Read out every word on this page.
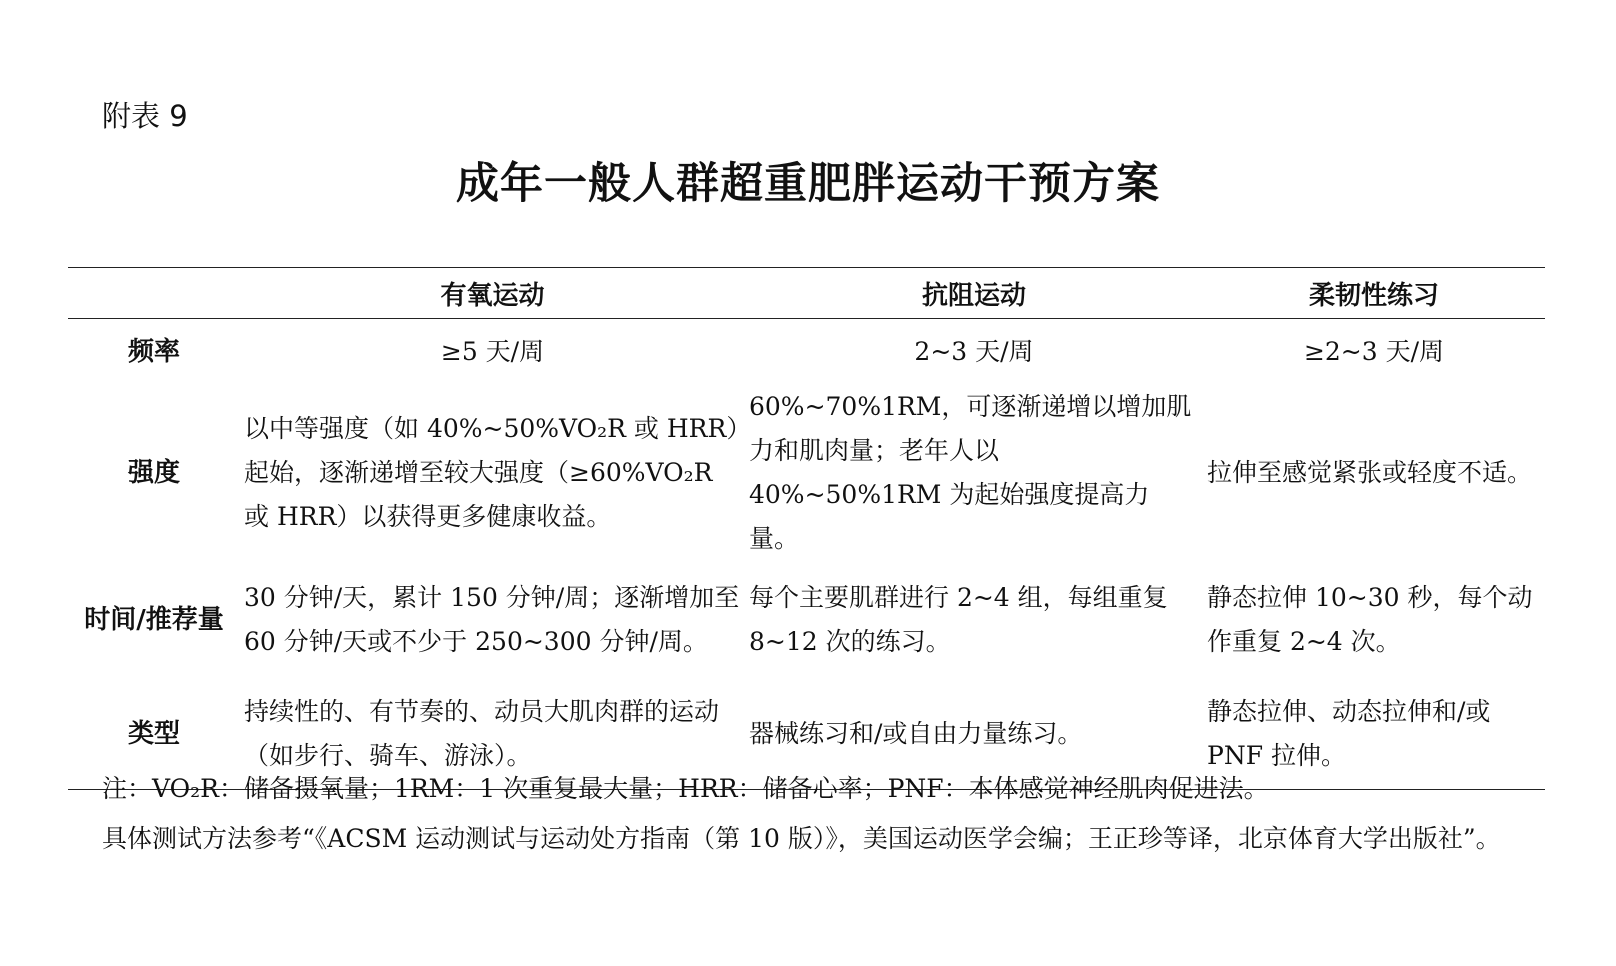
附表 9
成年一般人群超重肥胖运动干预方案
	有氧运动	抗阻运动	柔韧性练习
频率	≥5 天/周	2~3 天/周	≥2~3 天/周
强度	以中等强度（如 40%~50%VO₂R 或 HRR）起始，逐渐递增至较大强度（≥60%VO₂R 或 HRR）以获得更多健康收益。	60%~70%1RM，可逐渐递增以增加肌力和肌肉量；老年人以 40%~50%1RM 为起始强度提高力量。	拉伸至感觉紧张或轻度不适。
时间/推荐量	30 分钟/天，累计 150 分钟/周；逐渐增加至 60 分钟/天或不少于 250~300 分钟/周。	每个主要肌群进行 2~4 组，每组重复 8~12 次的练习。	静态拉伸 10~30 秒，每个动作重复 2~4 次。
类型	持续性的、有节奏的、动员大肌肉群的运动（如步行、骑车、游泳）。	器械练习和/或自由力量练习。	静态拉伸、动态拉伸和/或 PNF 拉伸。
注：VO₂R：储备摄氧量；1RM：1 次重复最大量；HRR：储备心率；PNF：本体感觉神经肌肉促进法。
具体测试方法参考“《ACSM 运动测试与运动处方指南（第 10 版）》，美国运动医学会编；王正珍等译，北京体育大学出版社”。
